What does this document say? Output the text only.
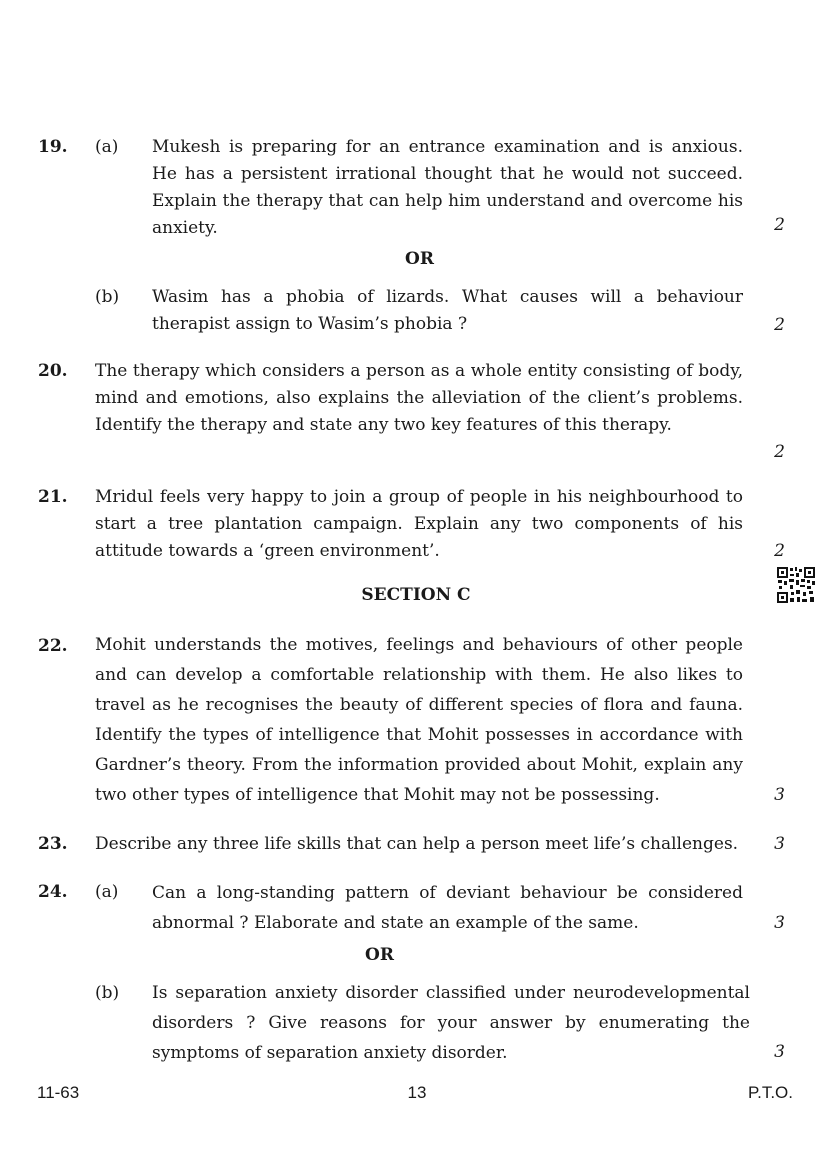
19. (a) Mukesh is preparing for an entrance examination and is anxious. He has a persistent irrational thought that he would not succeed. Explain the therapy that can help him understand and overcome his anxiety.	2
OR
(b) Wasim has a phobia of lizards. What causes will a behaviour therapist assign to Wasim’s phobia ?	2
20. The therapy which considers a person as a whole entity consisting of body, mind and emotions, also explains the alleviation of the client’s problems. Identify the therapy and state any two key features of this therapy.
2
21. Mridul feels very happy to join a group of people in his neighbourhood to start a tree plantation campaign. Explain any two components of his attitude towards a ‘green environment’.	2
SECTION C
22. Mohit understands the motives, feelings and behaviours of other people and can develop a comfortable relationship with them. He also likes to travel as he recognises the beauty of different species of flora and fauna. Identify the types of intelligence that Mohit possesses in accordance with Gardner’s theory. From the information provided about Mohit, explain any two other types of intelligence that Mohit may not be possessing.	3
23. Describe any three life skills that can help a person meet life’s challenges. 3
24. (a) Can a long-standing pattern of deviant behaviour be considered abnormal ? Elaborate and state an example of the same.	3
OR
(b) Is separation anxiety disorder classified under neurodevelopmental disorders ? Give reasons for your answer by enumerating the symptoms of separation anxiety disorder.	3
11-63	13	P.T.O.
